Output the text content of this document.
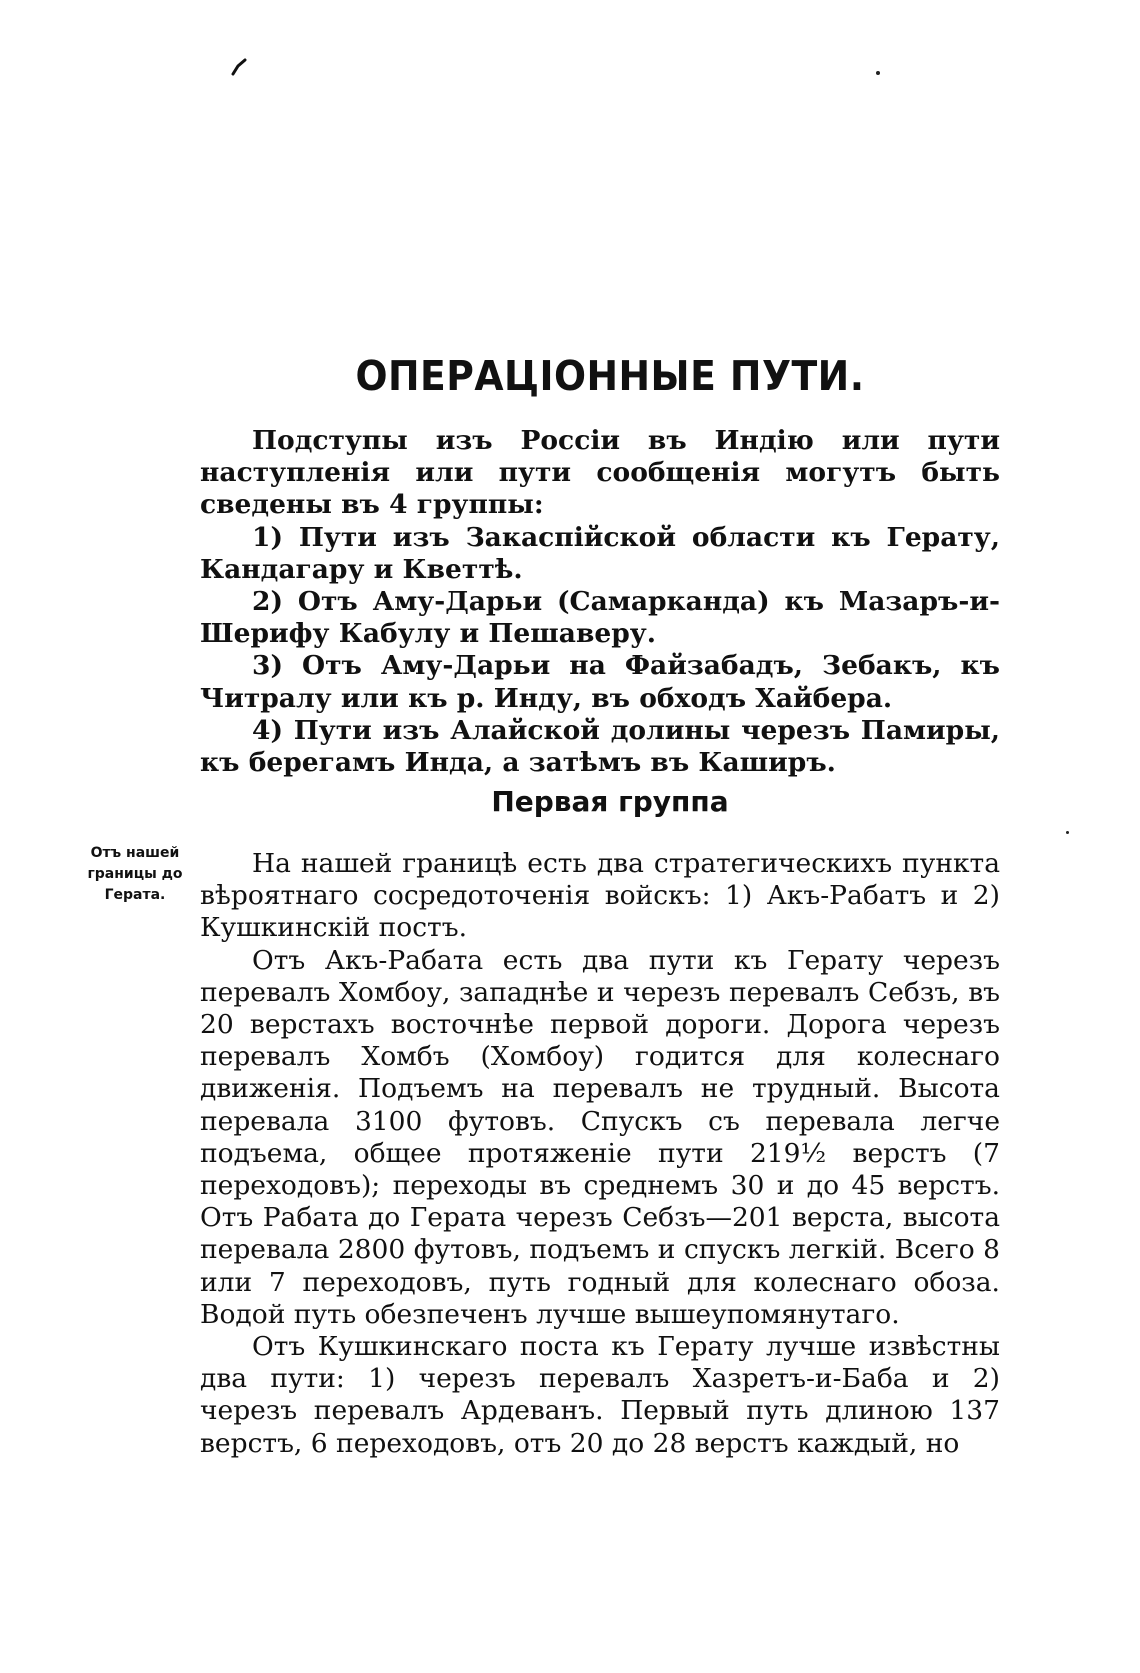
ОПЕРАЦІОННЫЕ ПУТИ.

Подступы изъ Россіи въ Индію или пути наступленія или пути сообщенія могутъ быть сведены въ 4 группы:

1) Пути изъ Закаспійской области къ Герату, Кандагару и Кветтѣ.

2) Отъ Аму-Дарьи (Самарканда) къ Мазаръ-и-Шерифу Кабулу и Пешаверу.

3) Отъ Аму-Дарьи на Файзабадъ, Зебакъ, къ Читралу или къ р. Инду, въ обходъ Хайбера.

4) Пути изъ Алайской долины черезъ Памиры, къ берегамъ Инда, а затѣмъ въ Каширъ.

Первая группа
Отъ нашей границы до Герата.

На нашей границѣ есть два стратегическихъ пункта вѣроятнаго сосредоточенія войскъ: 1) Акъ-Рабатъ и 2) Кушкинскій постъ.

Отъ Акъ-Рабата есть два пути къ Герату черезъ перевалъ Хомбоу, западнѣе и черезъ перевалъ Себзъ, въ 20 верстахъ восточнѣе первой дороги. Дорога черезъ перевалъ Хомбъ (Хомбоу) годится для колеснаго движенія. Подъемъ на перевалъ не трудный. Высота перевала 3100 футовъ. Спускъ съ перевала легче подъема, общее протяженіе пути 219½ верстъ (7 переходовъ); переходы въ среднемъ 30 и до 45 верстъ. Отъ Рабата до Герата черезъ Себзъ—201 верста, высота перевала 2800 футовъ, подъемъ и спускъ легкій. Всего 8 или 7 переходовъ, путь годный для колеснаго обоза. Водой путь обезпеченъ лучше вышеупомянутаго.

Отъ Кушкинскаго поста къ Герату лучше извѣстны два пути: 1) черезъ перевалъ Хазретъ-и-Баба и 2) черезъ перевалъ Ардеванъ. Первый путь длиною 137 верстъ, 6 переходовъ, отъ 20 до 28 верстъ каждый, но
